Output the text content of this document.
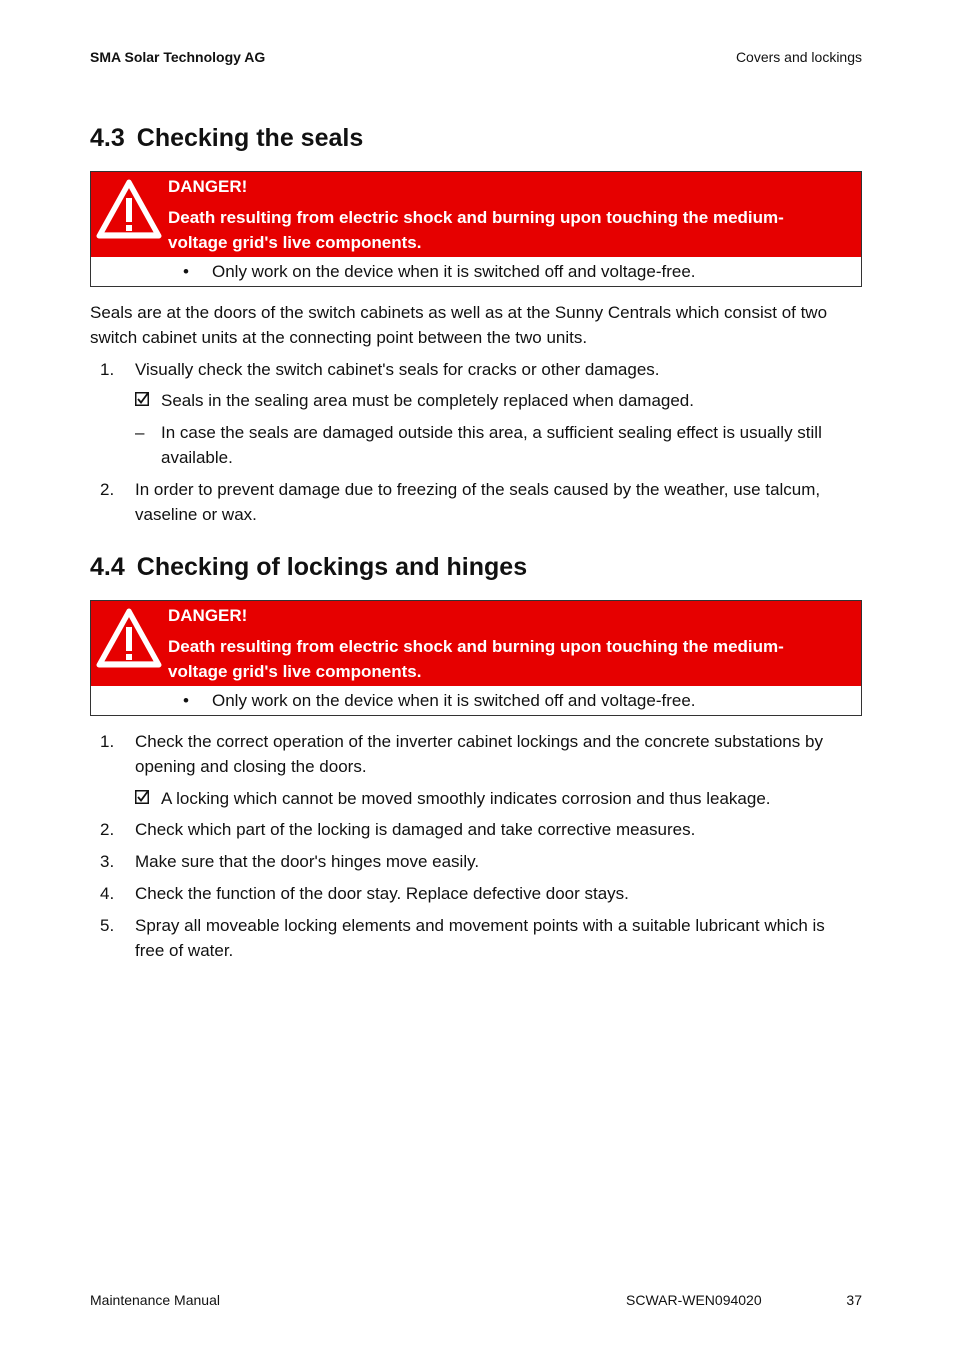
SMA Solar Technology AG	Covers and lockings
4.3 Checking the seals
DANGER!
Death resulting from electric shock and burning upon touching the medium-voltage grid's live components.
• Only work on the device when it is switched off and voltage-free.
Seals are at the doors of the switch cabinets as well as at the Sunny Centrals which consist of two switch cabinet units at the connecting point between the two units.
1. Visually check the switch cabinet's seals for cracks or other damages.
Seals in the sealing area must be completely replaced when damaged.
– In case the seals are damaged outside this area, a sufficient sealing effect is usually still available.
2. In order to prevent damage due to freezing of the seals caused by the weather, use talcum, vaseline or wax.
4.4 Checking of lockings and hinges
DANGER!
Death resulting from electric shock and burning upon touching the medium-voltage grid's live components.
• Only work on the device when it is switched off and voltage-free.
1. Check the correct operation of the inverter cabinet lockings and the concrete substations by opening and closing the doors.
A locking which cannot be moved smoothly indicates corrosion and thus leakage.
2. Check which part of the locking is damaged and take corrective measures.
3. Make sure that the door's hinges move easily.
4. Check the function of the door stay. Replace defective door stays.
5. Spray all moveable locking elements and movement points with a suitable lubricant which is free of water.
Maintenance Manual	SCWAR-WEN094020	37
